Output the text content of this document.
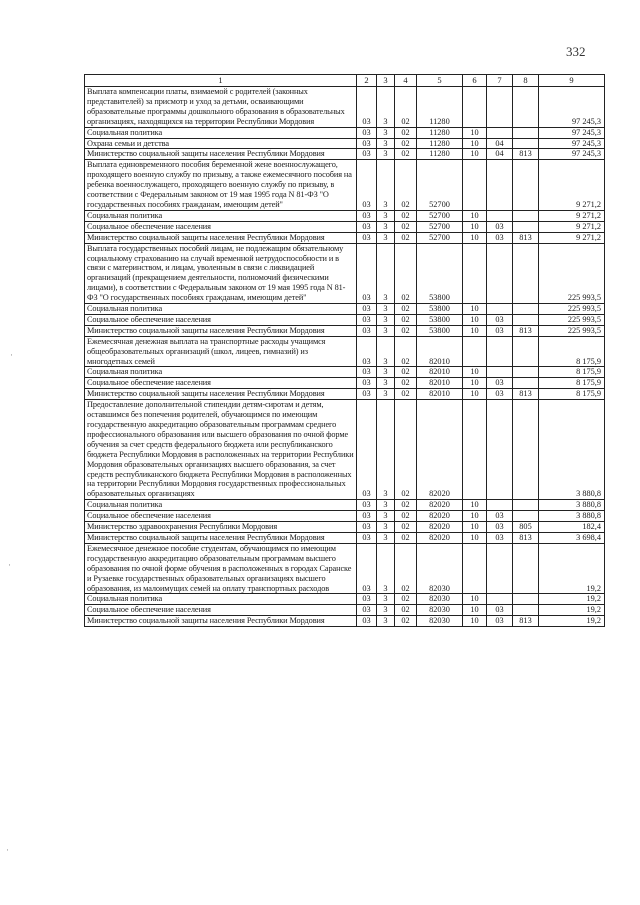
332
·
·
·
1	2	3	4	5	6	7	8	9
Выплата компенсации платы, взимаемой с родителей (законных представителей) за присмотр и уход за детьми, осваивающими образовательные программы дошкольного образования в образовательных организациях, находящихся на территории Республики Мордовия	03	3	02	11280				97 245,3
Социальная политика	03	3	02	11280	10			97 245,3
Охрана семьи и детства	03	3	02	11280	10	04		97 245,3
Министерство социальной защиты населения Республики Мордовия	03	3	02	11280	10	04	813	97 245,3
Выплата единовременного пособия беременной жене военнослужащего, проходящего военную службу по призыву, а также ежемесячного пособия на ребенка военнослужащего, проходящего военную службу по призыву, в соответствии с Федеральным законом от 19 мая 1995 года N 81-ФЗ "О государственных пособиях гражданам, имеющим детей"	03	3	02	52700				9 271,2
Социальная политика	03	3	02	52700	10			9 271,2
Социальное обеспечение населения	03	3	02	52700	10	03		9 271,2
Министерство социальной защиты населения Республики Мордовия	03	3	02	52700	10	03	813	9 271,2
Выплата государственных пособий лицам, не подлежащим обязательному социальному страхованию на случай временной нетрудоспособности и в связи с материнством, и лицам, уволенным в связи с ликвидацией организаций (прекращением деятельности, полномочий физическими лицами), в соответствии с Федеральным законом от 19 мая 1995 года N 81-ФЗ "О государственных пособиях гражданам, имеющим детей"	03	3	02	53800				225 993,5
Социальная политика	03	3	02	53800	10			225 993,5
Социальное обеспечение населения	03	3	02	53800	10	03		225 993,5
Министерство социальной защиты населения Республики Мордовия	03	3	02	53800	10	03	813	225 993,5
Ежемесячная денежная выплата на транспортные расходы учащимся общеобразовательных организаций (школ, лицеев, гимназий) из многодетных семей	03	3	02	82010				8 175,9
Социальная политика	03	3	02	82010	10			8 175,9
Социальное обеспечение населения	03	3	02	82010	10	03		8 175,9
Министерство социальной защиты населения Республики Мордовия	03	3	02	82010	10	03	813	8 175,9
Предоставление дополнительной стипендии детям-сиротам и детям, оставшимся без попечения родителей, обучающимся по имеющим государственную аккредитацию образовательным программам среднего профессионального образования или высшего образования по очной форме обучения за счет средств федерального бюджета или республиканского бюджета Республики Мордовия в расположенных на территории Республики Мордовия образовательных организациях высшего образования, за счет средств республиканского бюджета Республики Мордовия в расположенных на территории Республики Мордовия государственных профессиональных образовательных организациях	03	3	02	82020				3 880,8
Социальная политика	03	3	02	82020	10			3 880,8
Социальное обеспечение населения	03	3	02	82020	10	03		3 880,8
Министерство здравоохранения Республики Мордовия	03	3	02	82020	10	03	805	182,4
Министерство социальной защиты населения Республики Мордовия	03	3	02	82020	10	03	813	3 698,4
Ежемесячное денежное пособие студентам, обучающимся по имеющим государственную аккредитацию образовательным программам высшего образования по очной форме обучения в расположенных в городах Саранске и Рузаевке государственных образовательных организациях высшего образования, из малоимущих семей на оплату транспортных расходов	03	3	02	82030				19,2
Социальная политика	03	3	02	82030	10			19,2
Социальное обеспечение населения	03	3	02	82030	10	03		19,2
Министерство социальной защиты населения Республики Мордовия	03	3	02	82030	10	03	813	19,2
